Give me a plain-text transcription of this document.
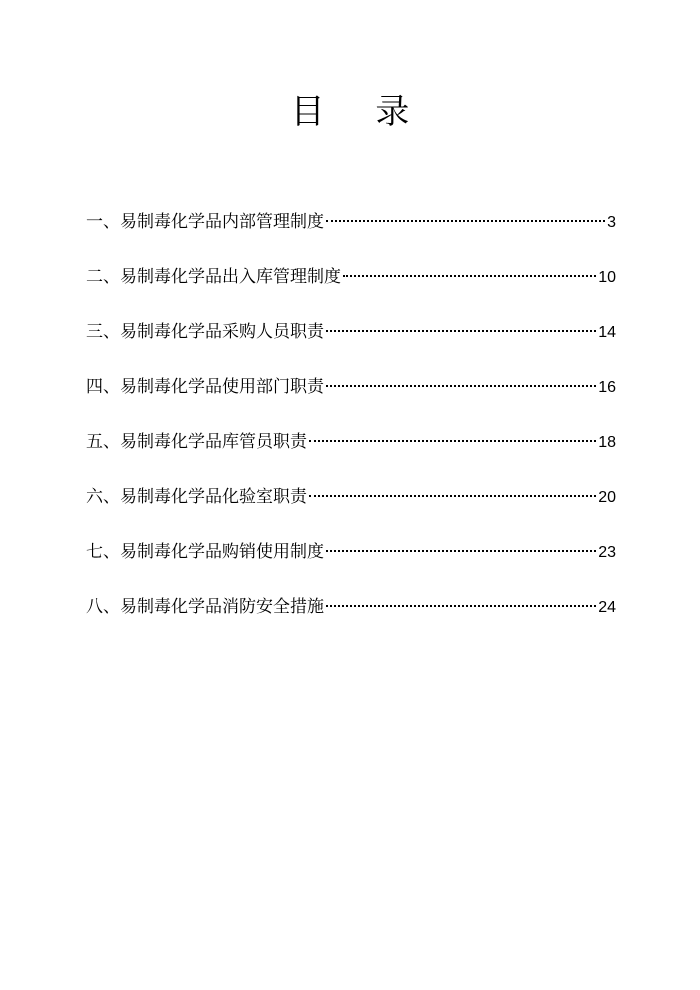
目 录
一、易制毒化学品内部管理制度	3
二、易制毒化学品出入库管理制度	10
三、易制毒化学品采购人员职责	14
四、易制毒化学品使用部门职责	16
五、易制毒化学品库管员职责	18
六、易制毒化学品化验室职责	20
七、易制毒化学品购销使用制度	23
八、易制毒化学品消防安全措施	24
